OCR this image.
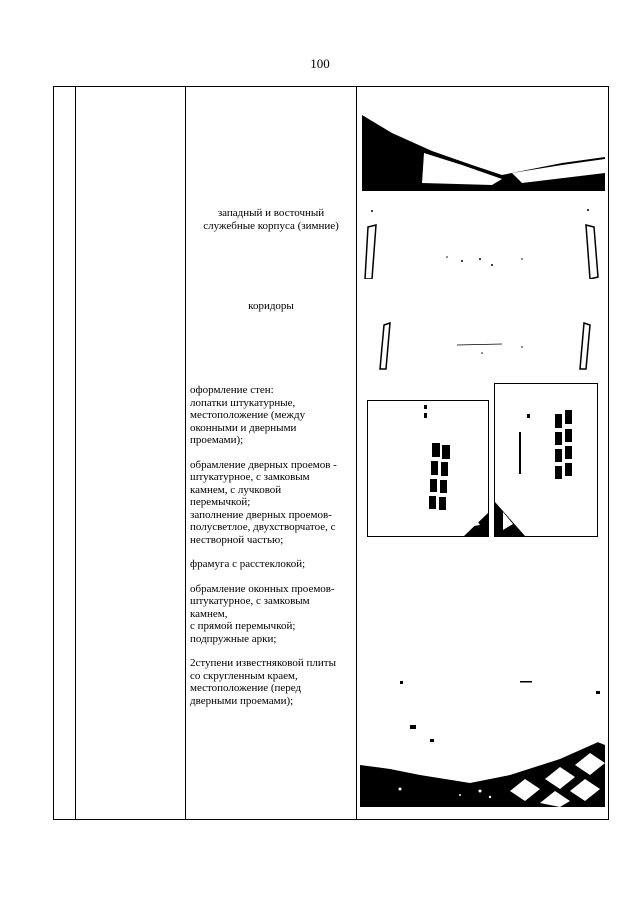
100

западный и восточный

служебные корпуса (зимние)

коридоры

оформление стен:

лопатки штукатурные,

местоположение (между

оконными и дверными

проемами);

обрамление дверных проемов -

штукатурное, с замковым

камнем, с лучковой

перемычкой;

заполнение дверных проемов-

полусветлое, двухстворчатое, с

нестворной частью;

фрамуга с расстеклокой;

обрамление оконных проемов-

штукатурное, с замковым

камнем,

с прямой перемычкой;

подпружные арки;

2ступени известняковой плиты

со скругленным краем,

местоположение (перед

дверными проемами);
